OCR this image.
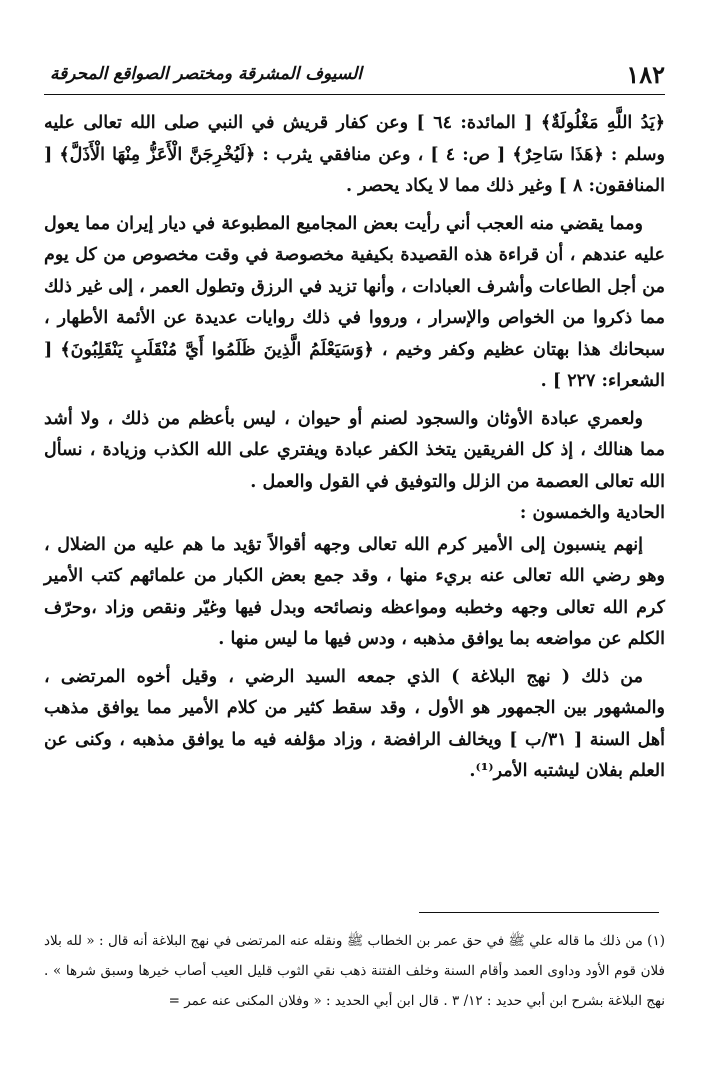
١٨٢
السيوف المشرقة ومختصر الصواقع المحرقة

﴿يَدُ اللَّهِ مَغْلُولَةٌ﴾ [ المائدة: ٦٤ ] وعن كفار قريش في النبي صلى الله تعالى عليه وسلم : ﴿هَذَا سَاحِرٌ﴾ [ ص: ٤ ] ، وعن منافقي يثرب : ﴿لَيُخْرِجَنَّ الْأَعَزُّ مِنْهَا الْأَذَلَّ﴾ [ المنافقون: ٨ ] وغير ذلك مما لا يكاد يحصر .

ومما يقضي منه العجب أني رأيت بعض المجاميع المطبوعة في ديار إيران مما يعول عليه عندهم ، أن قراءة هذه القصيدة بكيفية مخصوصة في وقت مخصوص من كل يوم من أجل الطاعات وأشرف العبادات ، وأنها تزيد في الرزق وتطول العمر ، إلى غير ذلك مما ذكروا من الخواص والإسرار ، ورووا في ذلك روايات عديدة عن الأئمة الأطهار ، سبحانك هذا بهتان عظيم وكفر وخيم ، ﴿وَسَيَعْلَمُ الَّذِينَ ظَلَمُوا أَيَّ مُنْقَلَبٍ يَنْقَلِبُونَ﴾ [ الشعراء: ٢٢٧ ] .

ولعمري عبادة الأوثان والسجود لصنم أو حيوان ، ليس بأعظم من ذلك ، ولا أشد مما هنالك ، إذ كل الفريقين يتخذ الكفر عبادة ويفتري على الله الكذب وزيادة ، نسأل الله تعالى العصمة من الزلل والتوفيق في القول والعمل .

الحادية والخمسون :

إنهم ينسبون إلى الأمير كرم الله تعالى وجهه أقوالاً تؤيد ما هم عليه من الضلال ، وهو رضي الله تعالى عنه بريء منها ، وقد جمع بعض الكبار من علمائهم كتب الأمير كرم الله تعالى وجهه وخطبه ومواعظه ونصائحه وبدل فيها وغيّر ونقص وزاد ،وحرّف الكلم عن مواضعه بما يوافق مذهبه ، ودس فيها ما ليس منها .

من ذلك ( نهج البلاغة ) الذي جمعه السيد الرضي ، وقيل أخوه المرتضى ، والمشهور بين الجمهور هو الأول ، وقد سقط كثير من كلام الأمير مما يوافق مذهب أهل السنة [ ٣١/ب ] ويخالف الرافضة ، وزاد مؤلفه فيه ما يوافق مذهبه ، وكنى عن العلم بفلان ليشتبه الأمر⁽¹⁾.

(١) من ذلك ما قاله علي ﷺ في حق عمر بن الخطاب ﷺ ونقله عنه المرتضى في نهج البلاغة أنه قال : « لله بلاد فلان قوم الأود وداوى العمد وأقام السنة وخلف الفتنة ذهب نقي الثوب قليل العيب أصاب خيرها وسبق شرها » . نهج البلاغة بشرح ابن أبي حديد : ١٢/ ٣ . قال ابن أبي الحديد : « وفلان المكنى عنه عمر =
